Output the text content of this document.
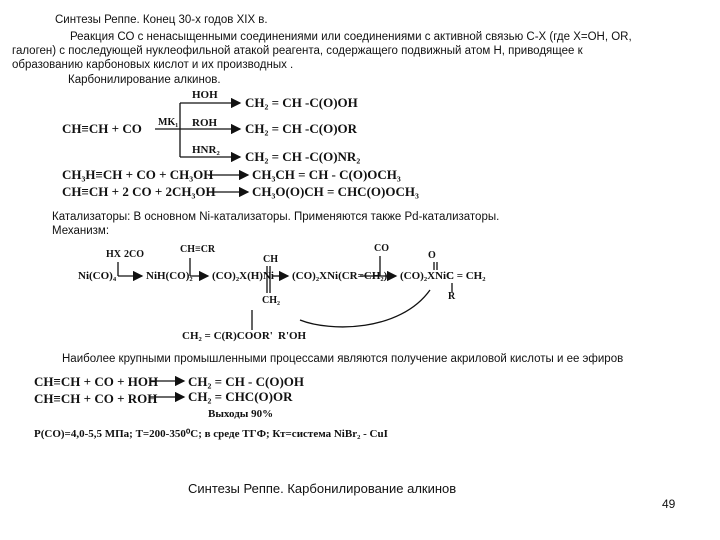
Синтезы Реппе. Конец 30-х годов XIX в.
Реакция СО с ненасыщенными соединениями или соединениями с активной связью С-Х (где X=OH, OR,
галоген) с последующей нуклеофильной атакой реагента, содержащего подвижный атом Н, приводящее к
образованию карбоновых кислот и их производных .
Карбонилирование алкинов.
CH≡CH + CO MK₁
HOH
ROH
HNR₂
CH₂ = CH -C(O)OH
CH₂ = CH -C(O)OR
CH₂ = CH -C(O)NR₂
CH₃H≡CH + CO + CH₃OH	CH₃CH = CH - C(O)OCH₃
CH≡CH + 2 CO + 2CH₃OH	CH₃O(O)CH = CHC(O)OCH₃
Катализаторы: В основном Ni-катализаторы. Применяются также Pd-катализаторы.
Механизм:
Ni(CO)₄
HX 2CO
NiH(CO)₂
CH≡CR
(CO)₂X(H)Ni
CH
CH₂
(CO)₂XNi(CR=CH₂)
CO
(CO)₂XNiC
C = CH₂
O
R
CH₂ = C(R)COOR' R'OH
Наиболее крупными промышленными процессами являются получение акриловой кислоты и ее эфиров
CH≡CH + CO + HOH CH₂ = CH - C(O)OH
CH≡CH + CO + ROH CH₂ = CHC(O)OR
Выходы 90%
P(CO)=4,0-5,5 МПа; T=200-350⁰С; в среде ТГФ; Кт=система NiBr₂ - CuI
Синтезы Реппе. Карбонилирование алкинов
49
